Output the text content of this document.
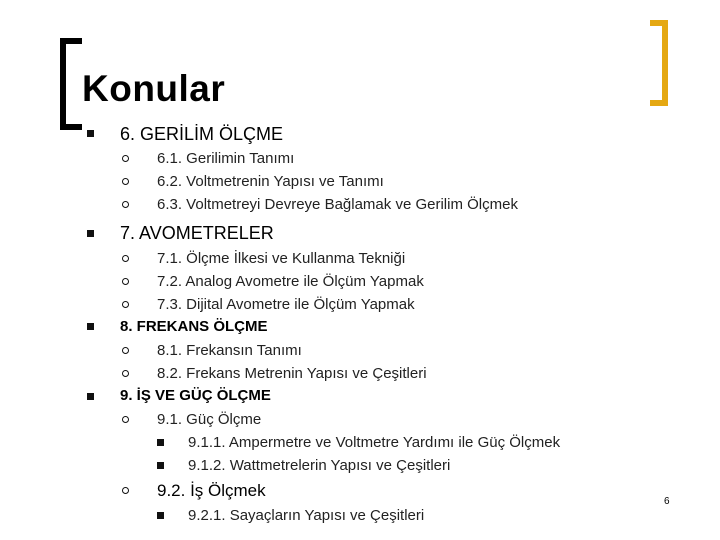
Konular
6. GERİLİM ÖLÇME
6.1. Gerilimin Tanımı
6.2. Voltmetrenin Yapısı ve Tanımı
6.3. Voltmetreyi Devreye Bağlamak ve Gerilim Ölçmek
7. AVOMETRELER
7.1. Ölçme İlkesi ve Kullanma Tekniği
7.2. Analog Avometre ile Ölçüm Yapmak
7.3. Dijital Avometre ile Ölçüm Yapmak
8. FREKANS ÖLÇME
8.1. Frekansın Tanımı
8.2. Frekans Metrenin Yapısı ve Çeşitleri
9. İŞ VE GÜÇ ÖLÇME
9.1. Güç Ölçme
9.1.1. Ampermetre ve Voltmetre Yardımı ile Güç Ölçmek
9.1.2. Wattmetrelerin Yapısı ve Çeşitleri
9.2. İş Ölçmek
9.2.1. Sayaçların Yapısı ve Çeşitleri
6
